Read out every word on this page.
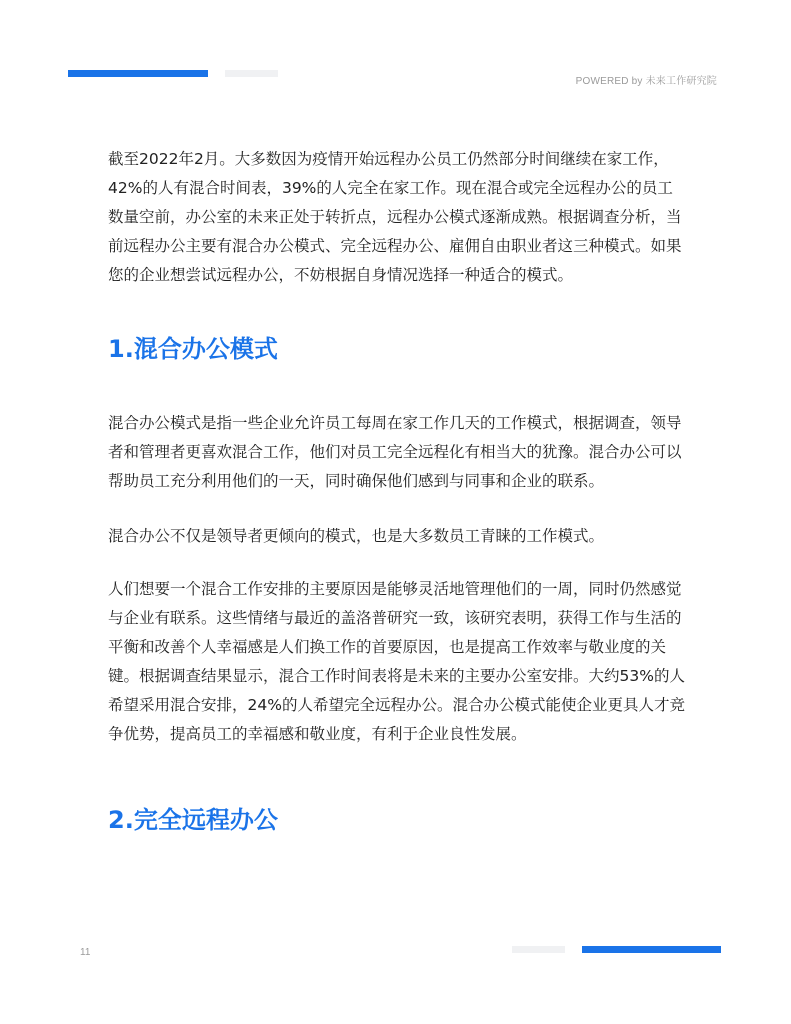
POWERED by 未来工作研究院

截至2022年2月。大多数因为疫情开始远程办公员工仍然部分时间继续在家工作，42%的人有混合时间表，39%的人完全在家工作。现在混合或完全远程办公的员工数量空前，办公室的未来正处于转折点，远程办公模式逐渐成熟。根据调查分析，当前远程办公主要有混合办公模式、完全远程办公、雇佣自由职业者这三种模式。如果您的企业想尝试远程办公，不妨根据自身情况选择一种适合的模式。

1.混合办公模式

混合办公模式是指一些企业允许员工每周在家工作几天的工作模式，根据调查，领导者和管理者更喜欢混合工作，他们对员工完全远程化有相当大的犹豫。混合办公可以帮助员工充分利用他们的一天，同时确保他们感到与同事和企业的联系。

混合办公不仅是领导者更倾向的模式，也是大多数员工青睐的工作模式。

人们想要一个混合工作安排的主要原因是能够灵活地管理他们的一周，同时仍然感觉与企业有联系。这些情绪与最近的盖洛普研究一致，该研究表明，获得工作与生活的平衡和改善个人幸福感是人们换工作的首要原因，也是提高工作效率与敬业度的关键。根据调查结果显示，混合工作时间表将是未来的主要办公室安排。大约53%的人希望采用混合安排，24%的人希望完全远程办公。混合办公模式能使企业更具人才竞争优势，提高员工的幸福感和敬业度，有利于企业良性发展。

2.完全远程办公
11
